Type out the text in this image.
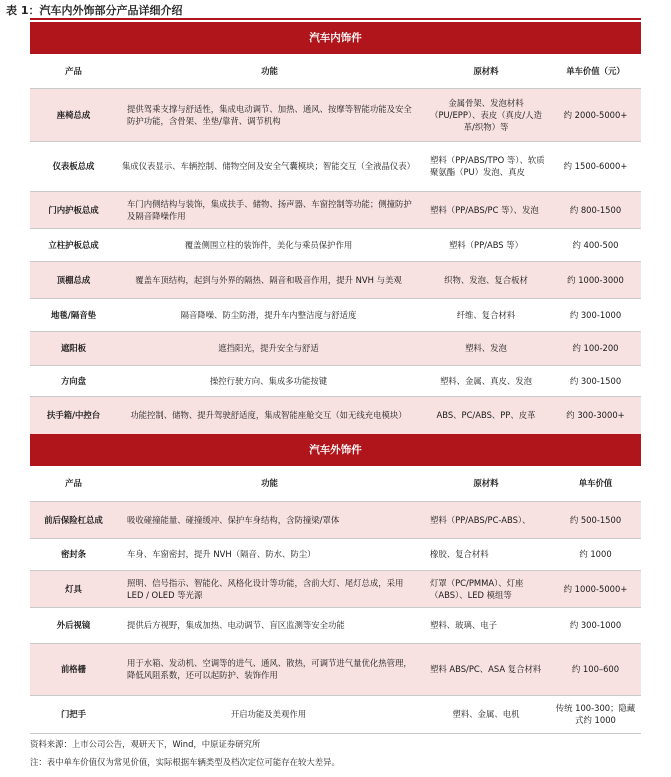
表 1：汽车内外饰部分产品详细介绍
汽车内饰件			
产品	功能	原材料	单车价值（元）
座椅总成	提供驾乘支撑与舒适性，集成电动调节、加热、通风、按摩等智能功能及安全防护功能，含骨架、坐垫/靠背、调节机构	金属骨架、发泡材料（PU/EPP）、表皮（真皮/人造革/织物）等	约 2000-5000+
仪表板总成	集成仪表显示、车辆控制、储物空间及安全气囊模块；智能交互（全液晶仪表）	塑料（PP/ABS/TPO 等）、软质聚氨酯（PU）发泡、真皮	约 1500-6000+
门内护板总成	车门内侧结构与装饰，集成扶手、储物、扬声器、车窗控制等功能；侧撞防护及隔音降噪作用	塑料（PP/ABS/PC 等）、发泡	约 800-1500
立柱护板总成	覆盖侧围立柱的装饰件，美化与乘员保护作用	塑料（PP/ABS 等）	约 400-500
顶棚总成	覆盖车顶结构，起到与外界的隔热、隔音和吸音作用，提升 NVH 与美观	织物、发泡、复合板材	约 1000-3000
地毯/隔音垫	隔音降噪、防尘防滑，提升车内整洁度与舒适度	纤维、复合材料	约 300-1000
遮阳板	遮挡阳光，提升安全与舒适	塑料、发泡	约 100-200
方向盘	操控行驶方向、集成多功能按键	塑料、金属、真皮、发泡	约 300-1500
扶手箱/中控台	功能控制、储物、提升驾驶舒适度，集成智能座舱交互（如无线充电模块）	ABS、PC/ABS、PP、皮革	约 300-3000+
汽车外饰件			
产品	功能	原材料	单车价值
前后保险杠总成	吸收碰撞能量、碰撞缓冲、保护车身结构，含防撞梁/罩体	塑料（PP/ABS/PC-ABS）、	约 500-1500
密封条	车身、车窗密封，提升 NVH（隔音、防水、防尘）	橡胶、复合材料	约 1000
灯具	照明、信号指示、智能化、风格化设计等功能，含前大灯、尾灯总成，采用 LED / OLED 等光源	灯罩（PC/PMMA）、灯座（ABS）、LED 模组等	约 1000-5000+
外后视镜	提供后方视野，集成加热、电动调节、盲区监测等安全功能	塑料、玻璃、电子	约 300-1000
前格栅	用于水箱、发动机、空调等的进气、通风、散热，可调节进气量优化热管理，降低风阻系数，还可以起防护、装饰作用	塑料 ABS/PC、ASA 复合材料	约 100–600
门把手	开启功能及美观作用	塑料、金属、电机	传统 100-300；隐藏式约 1000
资料来源：上市公司公告，观研天下，Wind，中原证券研究所
注：表中单车价值仅为常见价值，实际根据车辆类型及档次定位可能存在较大差异。
